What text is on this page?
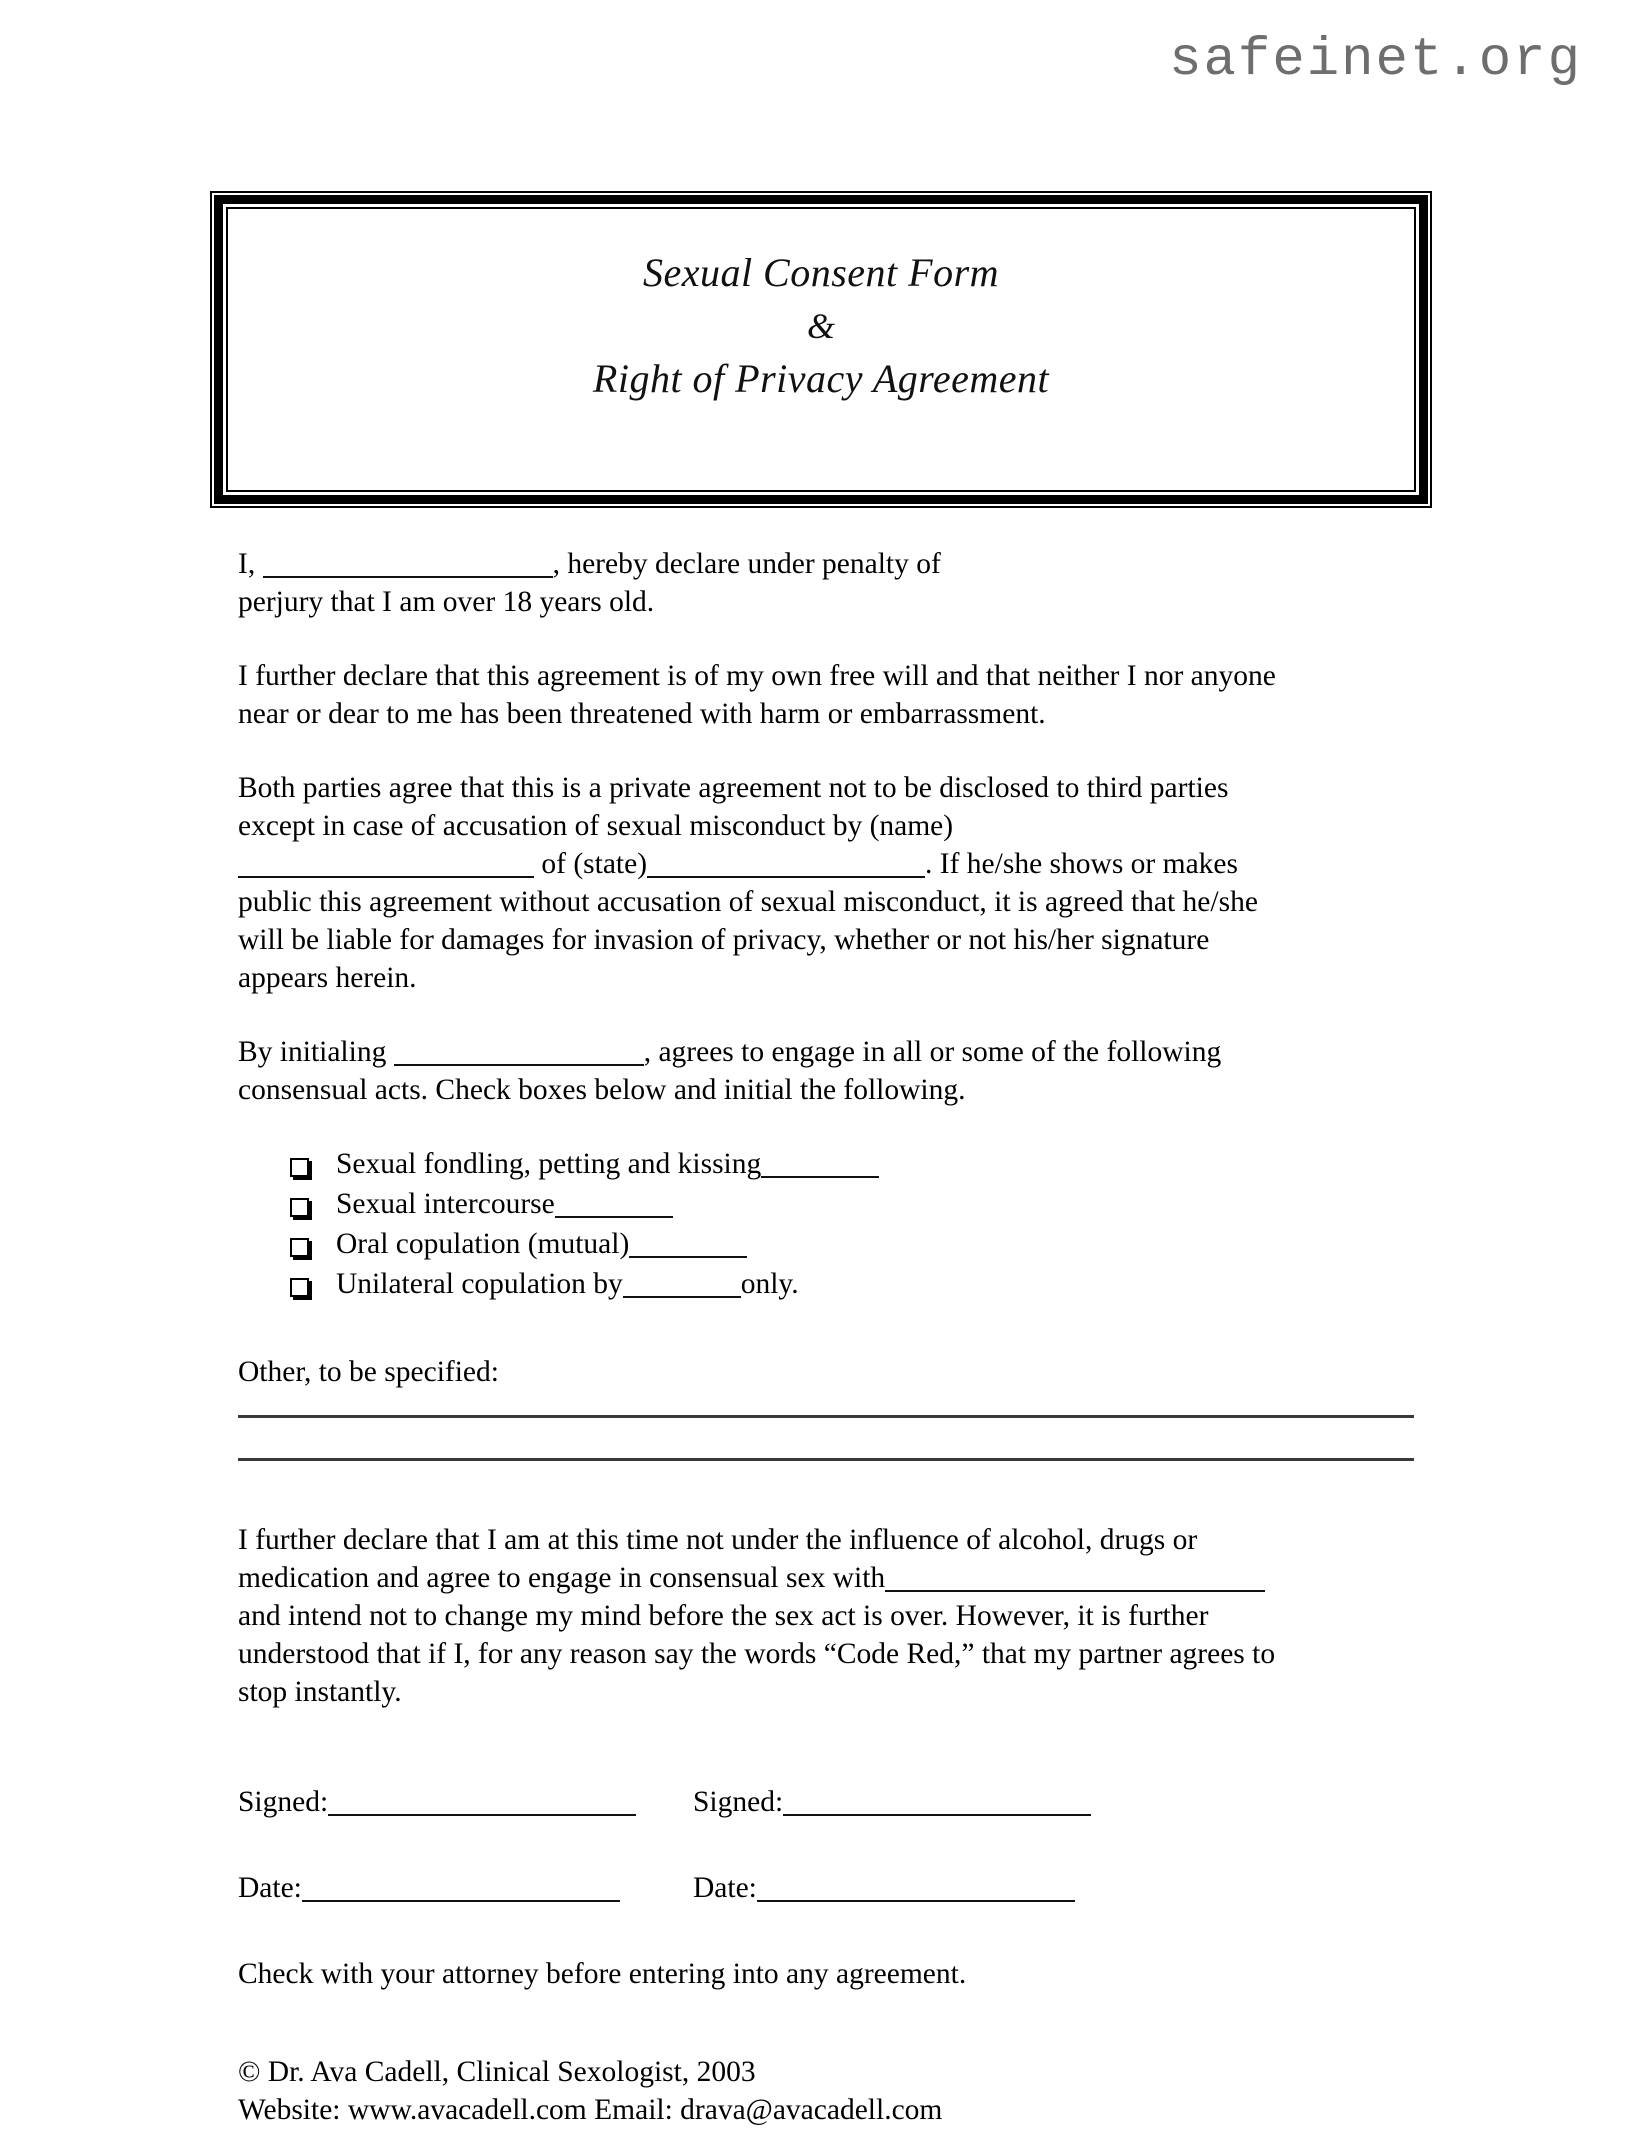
safeinet.org
Sexual Consent Form
&
Right of Privacy Agreement

I,	, hereby declare under penalty of
perjury that I am over 18 years old.

I further declare that this agreement is of my own free will and that neither I nor anyone
near or dear to me has been threatened with harm or embarrassment.

Both parties agree that this is a private agreement not to be disclosed to third parties
except in case of accusation of sexual misconduct by (name)
of (state)	. If he/she shows or makes
public this agreement without accusation of sexual misconduct, it is agreed that he/she
will be liable for damages for invasion of privacy, whether or not his/her signature
appears herein.

By initialing	, agrees to engage in all or some of the following
consensual acts. Check boxes below and initial the following.

Sexual fondling, petting and kissing
Sexual intercourse
Oral copulation (mutual)
Unilateral copulation by	only.

Other, to be specified:

I further declare that I am at this time not under the influence of alcohol, drugs or
medication and agree to engage in consensual sex with
and intend not to change my mind before the sex act is over. However, it is further
understood that if I, for any reason say the words “Code Red,” that my partner agrees to
stop instantly.

Signed:	Signed:
Date:	Date:

Check with your attorney before entering into any agreement.

© Dr. Ava Cadell, Clinical Sexologist, 2003
Website: www.avacadell.com Email: drava@avacadell.com
